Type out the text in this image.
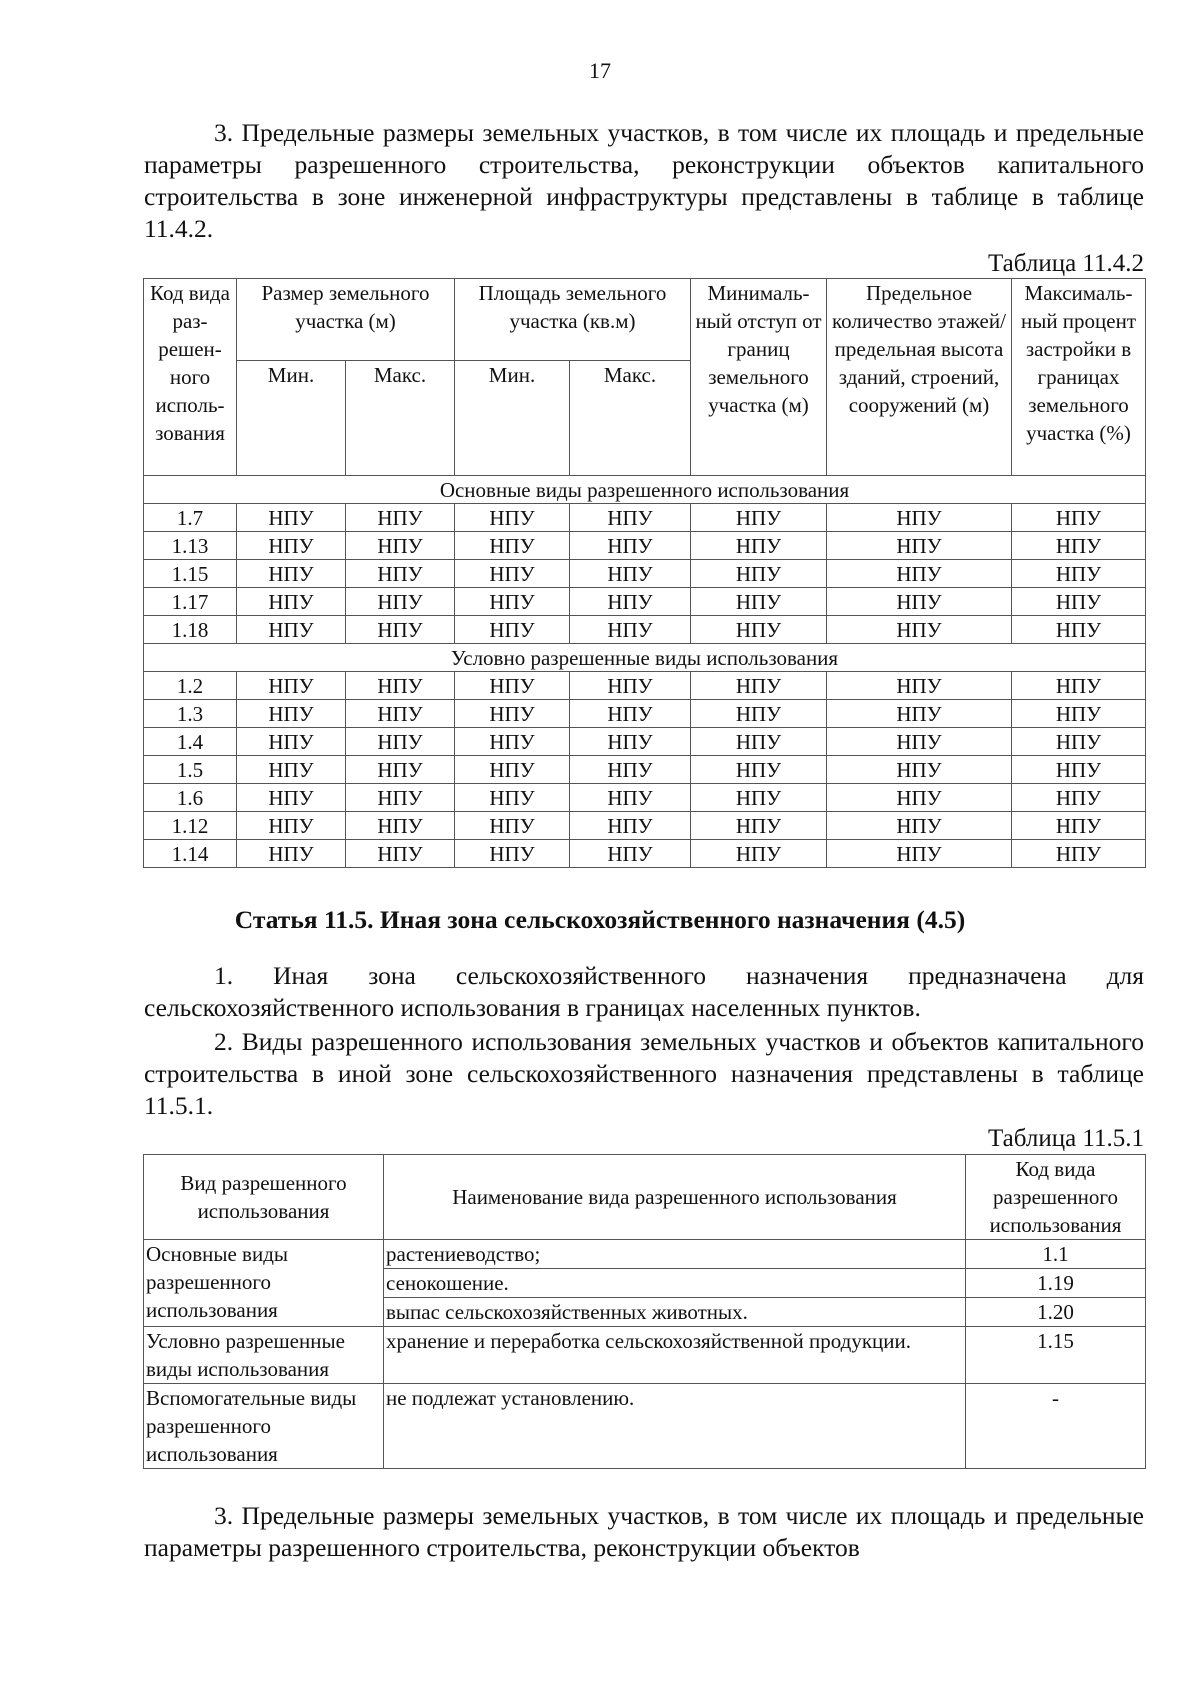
17
3. Предельные размеры земельных участков, в том числе их площадь и предельные параметры разрешенного строительства, реконструкции объектов капитального строительства в зоне инженерной инфраструктуры представлены в таблице в таблице 11.4.2.
Таблица 11.4.2
Код вида раз-решен-ного исполь-зования	Размер земельного участка (м)		Площадь земельного участка (кв.м)		Минималь-ный отступ от границ земельного участка (м)	Предельное количество этажей/ предельная высота зданий, строений, сооружений (м)	Максималь-ный процент застройки в границах земельного участка (%)
	Мин.	Макс.	Мин.	Макс.			
Основные виды разрешенного использования							
1.7	НПУ	НПУ	НПУ	НПУ	НПУ	НПУ	НПУ
1.13	НПУ	НПУ	НПУ	НПУ	НПУ	НПУ	НПУ
1.15	НПУ	НПУ	НПУ	НПУ	НПУ	НПУ	НПУ
1.17	НПУ	НПУ	НПУ	НПУ	НПУ	НПУ	НПУ
1.18	НПУ	НПУ	НПУ	НПУ	НПУ	НПУ	НПУ
Условно разрешенные виды использования							
1.2	НПУ	НПУ	НПУ	НПУ	НПУ	НПУ	НПУ
1.3	НПУ	НПУ	НПУ	НПУ	НПУ	НПУ	НПУ
1.4	НПУ	НПУ	НПУ	НПУ	НПУ	НПУ	НПУ
1.5	НПУ	НПУ	НПУ	НПУ	НПУ	НПУ	НПУ
1.6	НПУ	НПУ	НПУ	НПУ	НПУ	НПУ	НПУ
1.12	НПУ	НПУ	НПУ	НПУ	НПУ	НПУ	НПУ
1.14	НПУ	НПУ	НПУ	НПУ	НПУ	НПУ	НПУ
Статья 11.5. Иная зона сельскохозяйственного назначения (4.5)
1. Иная зона сельскохозяйственного назначения предназначена для сельскохозяйственного использования в границах населенных пунктов.
2. Виды разрешенного использования земельных участков и объектов капитального строительства в иной зоне сельскохозяйственного назначения представлены в таблице 11.5.1.
Таблица 11.5.1
Вид разрешенного использования	Наименование вида разрешенного использования	Код вида разрешенного использования
Основные виды разрешенного использования	растениеводство;	1.1
	сенокошение.	1.19
	выпас сельскохозяйственных животных.	1.20
Условно разрешенные виды использования	хранение и переработка сельскохозяйственной продукции.	1.15
Вспомогательные виды разрешенного использования	не подлежат установлению.	-
3. Предельные размеры земельных участков, в том числе их площадь и предельные параметры разрешенного строительства, реконструкции объектов
